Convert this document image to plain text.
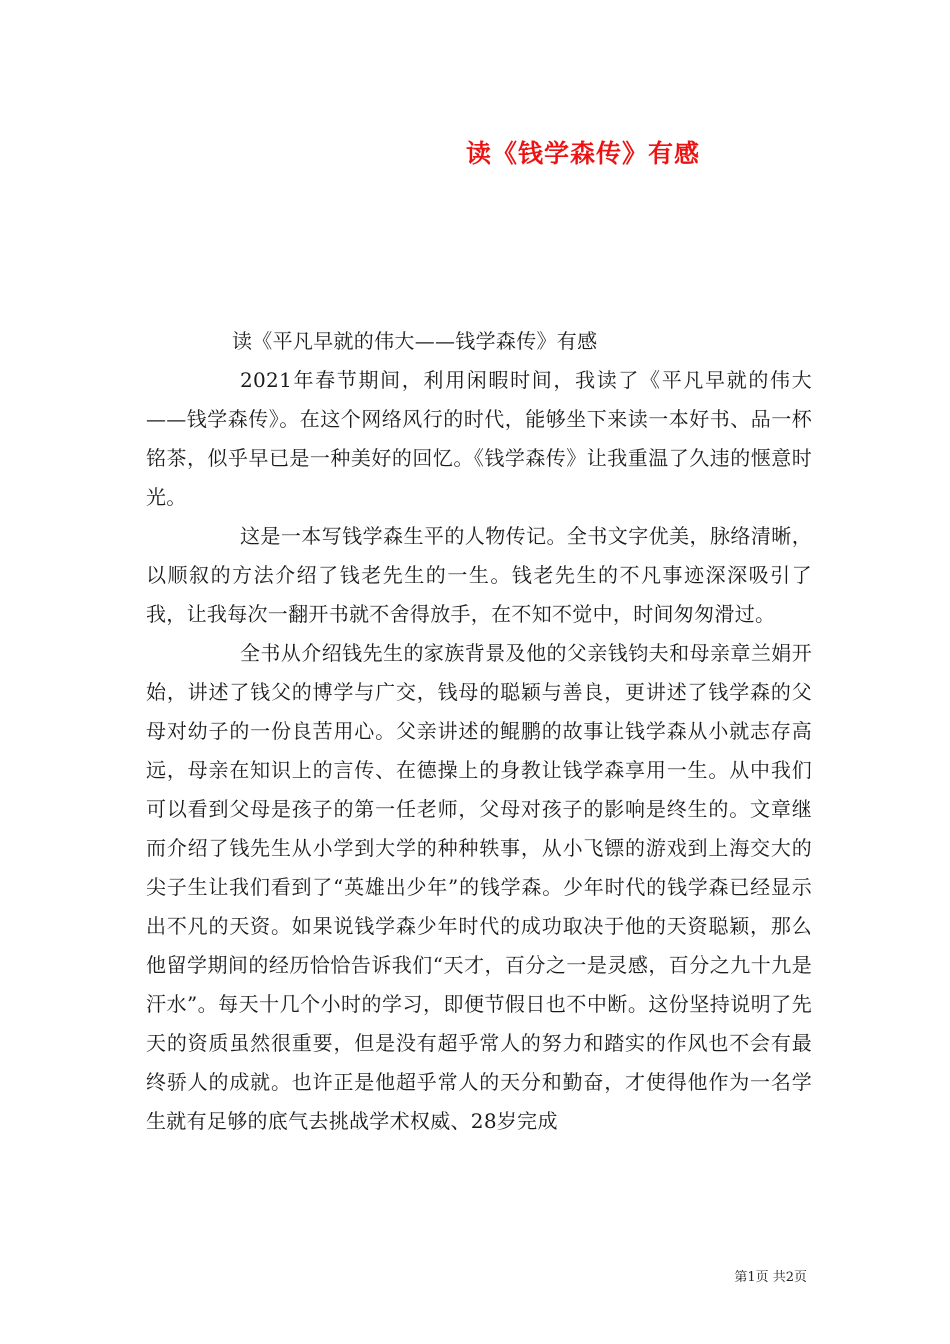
读《钱学森传》有感
读《平凡早就的伟大——钱学森传》有感

2021年春节期间，利用闲暇时间，我读了《平凡早就的伟大——钱学森传》。在这个网络风行的时代，能够坐下来读一本好书、品一杯铭茶，似乎早已是一种美好的回忆。《钱学森传》让我重温了久违的惬意时光。

这是一本写钱学森生平的人物传记。全书文字优美，脉络清晰，以顺叙的方法介绍了钱老先生的一生。钱老先生的不凡事迹深深吸引了我，让我每次一翻开书就不舍得放手，在不知不觉中，时间匆匆滑过。

全书从介绍钱先生的家族背景及他的父亲钱钧夫和母亲章兰娟开始，讲述了钱父的博学与广交，钱母的聪颖与善良，更讲述了钱学森的父母对幼子的一份良苦用心。父亲讲述的鲲鹏的故事让钱学森从小就志存高远，母亲在知识上的言传、在德操上的身教让钱学森享用一生。从中我们可以看到父母是孩子的第一任老师，父母对孩子的影响是终生的。文章继而介绍了钱先生从小学到大学的种种轶事，从小飞镖的游戏到上海交大的尖子生让我们看到了“英雄出少年”的钱学森。少年时代的钱学森已经显示出不凡的天资。如果说钱学森少年时代的成功取决于他的天资聪颖，那么他留学期间的经历恰恰告诉我们“天才，百分之一是灵感，百分之九十九是汗水”。每天十几个小时的学习，即便节假日也不中断。这份坚持说明了先天的资质虽然很重要，但是没有超乎常人的努力和踏实的作风也不会有最终骄人的成就。也许正是他超乎常人的天分和勤奋，才使得他作为一名学生就有足够的底气去挑战学术权威、28岁完成

第1页 共2页
